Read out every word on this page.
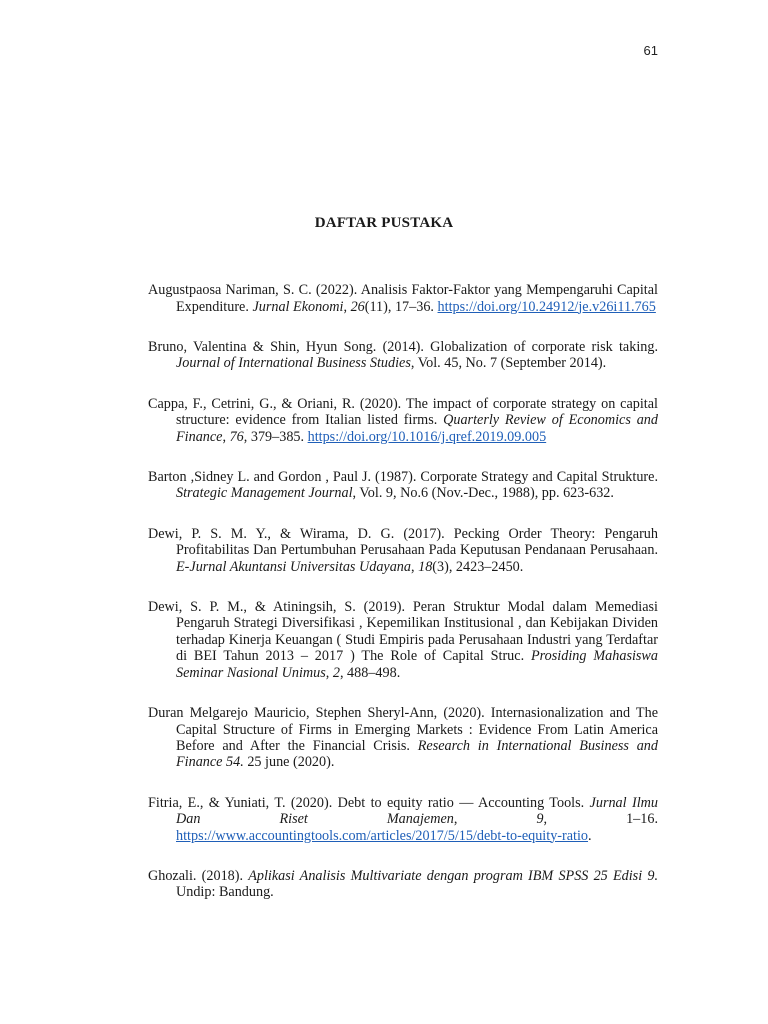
61
DAFTAR PUSTAKA

Augustpaosa Nariman, S. C. (2022). Analisis Faktor-Faktor yang Mempengaruhi Capital Expenditure. Jurnal Ekonomi, 26(11), 17–36. https://doi.org/10.24912/je.v26i11.765

Bruno, Valentina & Shin, Hyun Song. (2014). Globalization of corporate risk taking. Journal of International Business Studies, Vol. 45, No. 7 (September 2014).

Cappa, F., Cetrini, G., & Oriani, R. (2020). The impact of corporate strategy on capital structure: evidence from Italian listed firms. Quarterly Review of Economics and Finance, 76, 379–385. https://doi.org/10.1016/j.qref.2019.09.005

Barton ,Sidney L. and Gordon , Paul J. (1987). Corporate Strategy and Capital Strukture. Strategic Management Journal, Vol. 9, No.6 (Nov.-Dec., 1988), pp. 623-632.

Dewi, P. S. M. Y., & Wirama, D. G. (2017). Pecking Order Theory: Pengaruh Profitabilitas Dan Pertumbuhan Perusahaan Pada Keputusan Pendanaan Perusahaan. E-Jurnal Akuntansi Universitas Udayana, 18(3), 2423–2450.

Dewi, S. P. M., & Atiningsih, S. (2019). Peran Struktur Modal dalam Memediasi Pengaruh Strategi Diversifikasi , Kepemilikan Institusional , dan Kebijakan Dividen terhadap Kinerja Keuangan ( Studi Empiris pada Perusahaan Industri yang Terdaftar di BEI Tahun 2013 – 2017 ) The Role of Capital Struc. Prosiding Mahasiswa Seminar Nasional Unimus, 2, 488–498.

Duran Melgarejo Mauricio, Stephen Sheryl-Ann, (2020). Internasionalization and The Capital Structure of Firms in Emerging Markets : Evidence From Latin America Before and After the Financial Crisis. Research in International Business and Finance 54. 25 june (2020).

Fitria, E., & Yuniati, T. (2020). Debt to equity ratio — Accounting Tools. Jurnal Ilmu Dan Riset Manajemen, 9, 1–16. https://www.accountingtools.com/articles/2017/5/15/debt-to-equity-ratio.

Ghozali. (2018). Aplikasi Analisis Multivariate dengan program IBM SPSS 25 Edisi 9. Undip: Bandung.
